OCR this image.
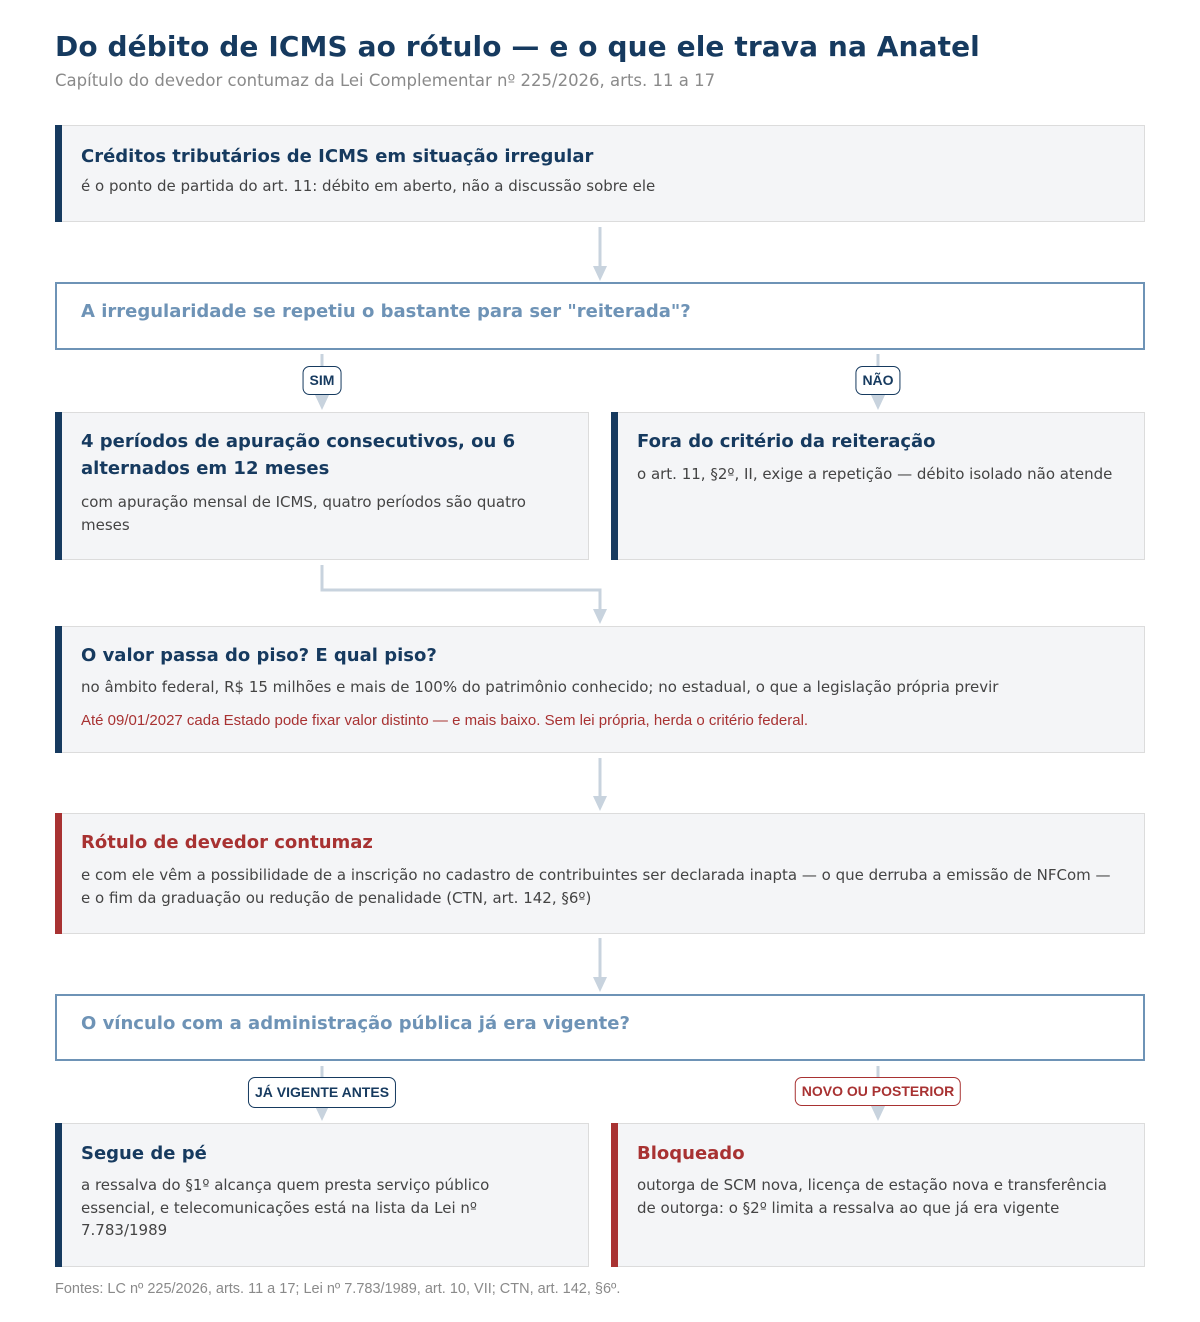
Do débito de ICMS ao rótulo — e o que ele trava na Anatel
Capítulo do devedor contumaz da Lei Complementar nº 225/2026, arts. 11 a 17
Créditos tributários de ICMS em situação irregular
é o ponto de partida do art. 11: débito em aberto, não a discussão sobre ele
A irregularidade se repetiu o bastante para ser "reiterada"?
SIM	NÃO
4 períodos de apuração consecutivos, ou 6 alternados em 12 meses
com apuração mensal de ICMS, quatro períodos são quatro meses
Fora do critério da reiteração
o art. 11, §2º, II, exige a repetição — débito isolado não atende
O valor passa do piso? E qual piso?
no âmbito federal, R$ 15 milhões e mais de 100% do patrimônio conhecido; no estadual, o que a legislação própria previr
Até 09/01/2027 cada Estado pode fixar valor distinto — e mais baixo. Sem lei própria, herda o critério federal.
Rótulo de devedor contumaz
e com ele vêm a possibilidade de a inscrição no cadastro de contribuintes ser declarada inapta — o que derruba a emissão de NFCom — e o fim da graduação ou redução de penalidade (CTN, art. 142, §6º)
O vínculo com a administração pública já era vigente?
JÁ VIGENTE ANTES	NOVO OU POSTERIOR
Segue de pé
a ressalva do §1º alcança quem presta serviço público essencial, e telecomunicações está na lista da Lei nº 7.783/1989
Bloqueado
outorga de SCM nova, licença de estação nova e transferência de outorga: o §2º limita a ressalva ao que já era vigente
Fontes: LC nº 225/2026, arts. 11 a 17; Lei nº 7.783/1989, art. 10, VII; CTN, art. 142, §6º.
